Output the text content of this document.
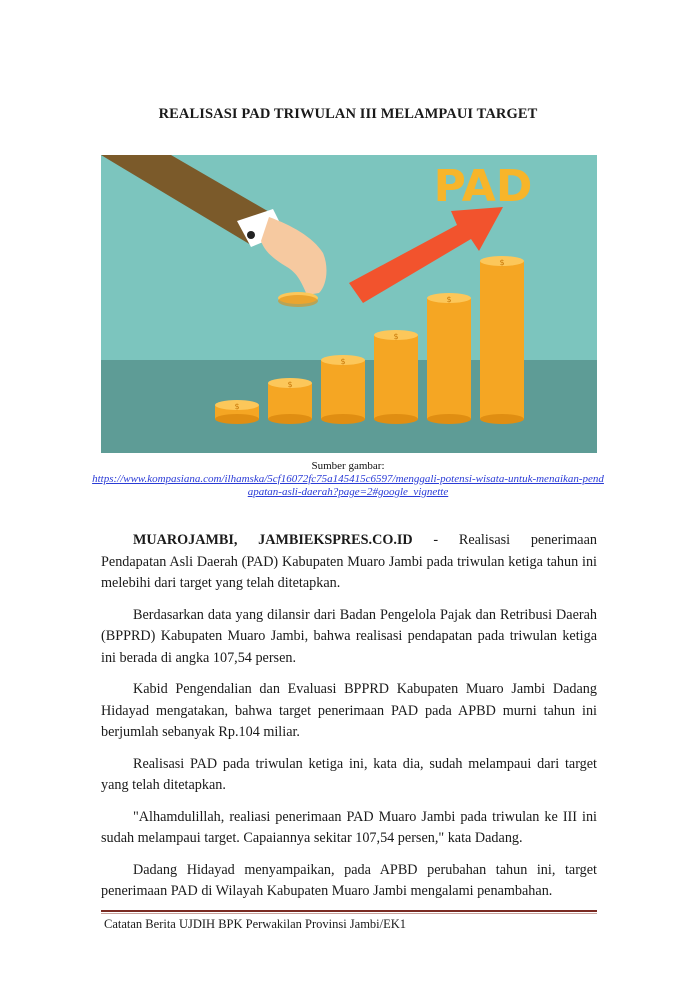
REALISASI PAD TRIWULAN III MELAMPAUI TARGET
PAD
$
$
$
$
$
$
Sumber gambar:
https://www.kompasiana.com/ilhamska/5cf16072fc75a145415c6597/menggali-potensi-wisata-untuk-menaikan-pendapatan-asli-daerah?page=2#google_vignette

MUAROJAMBI, JAMBIEKSPRES.CO.ID - Realisasi penerimaan Pendapatan Asli Daerah (PAD) Kabupaten Muaro Jambi pada triwulan ketiga tahun ini melebihi dari target yang telah ditetapkan.

Berdasarkan data yang dilansir dari Badan Pengelola Pajak dan Retribusi Daerah (BPPRD) Kabupaten Muaro Jambi, bahwa realisasi pendapatan pada triwulan ketiga ini berada di angka 107,54 persen.

Kabid Pengendalian dan Evaluasi BPPRD Kabupaten Muaro Jambi Dadang Hidayad mengatakan, bahwa target penerimaan PAD pada APBD murni tahun ini berjumlah sebanyak Rp.104 miliar.

Realisasi PAD pada triwulan ketiga ini, kata dia, sudah melampaui dari target yang telah ditetapkan.

"Alhamdulillah, realiasi penerimaan PAD Muaro Jambi pada triwulan ke III ini sudah melampaui target. Capaiannya sekitar 107,54 persen," kata Dadang.

Dadang Hidayad menyampaikan, pada APBD perubahan tahun ini, target penerimaan PAD di Wilayah Kabupaten Muaro Jambi mengalami penambahan.

Catatan Berita UJDIH BPK Perwakilan Provinsi Jambi/EK1
